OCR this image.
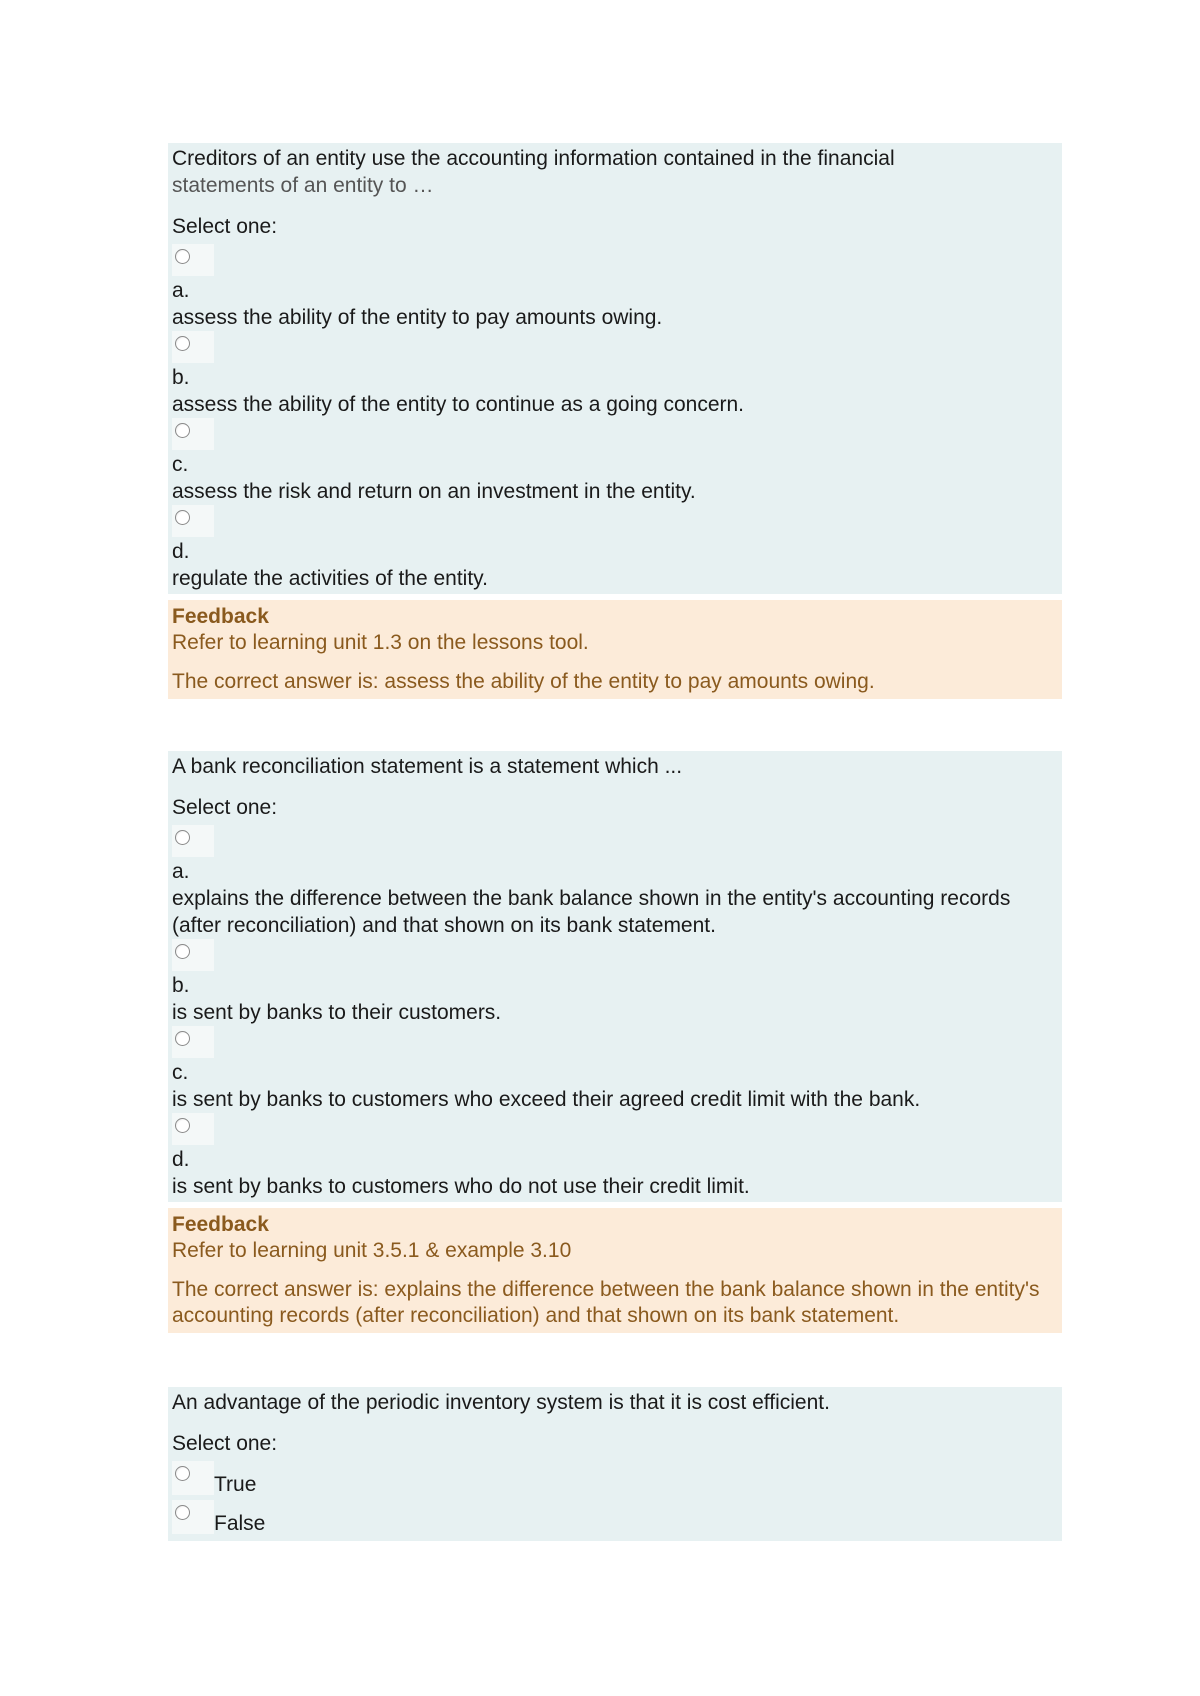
Creditors of an entity use the accounting information contained in the financial
statements of an entity to …

Select one:
a.
assess the ability of the entity to pay amounts owing.
b.
assess the ability of the entity to continue as a going concern.
c.
assess the risk and return on an investment in the entity.
d.
regulate the activities of the entity.
Feedback
Refer to learning unit 1.3 on the lessons tool.
The correct answer is: assess the ability of the entity to pay amounts owing.

A bank reconciliation statement is a statement which ...

Select one:
a.
explains the difference between the bank balance shown in the entity's accounting records (after reconciliation) and that shown on its bank statement.
b.
is sent by banks to their customers.
c.
is sent by banks to customers who exceed their agreed credit limit with the bank.
d.
is sent by banks to customers who do not use their credit limit.
Feedback
Refer to learning unit 3.5.1 & example 3.10
The correct answer is: explains the difference between the bank balance shown in the entity's accounting records (after reconciliation) and that shown on its bank statement.

An advantage of the periodic inventory system is that it is cost efficient.

Select one:
True
False
